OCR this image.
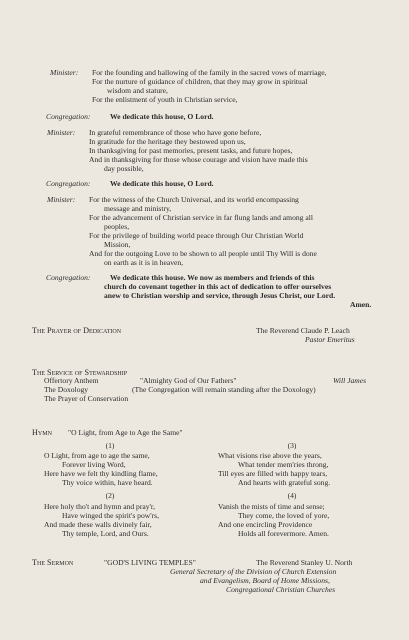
Minister: For the founding and hallowing of the family in the sacred vows of marriage,
For the nurture of guidance of children, that they may grow in spiritual
wisdom and stature,
For the enlistment of youth in Christian service,
Congregation:	We dedicate this house, O Lord.
Minister: In grateful remembrance of those who have gone before,
In gratitude for the heritage they bestowed upon us,
In thanksgiving for past memories, present tasks, and future hopes,
And in thanksgiving for those whose courage and vision have made this
day possible,
Congregation:	We dedicate this house, O Lord.
Minister: For the witness of the Church Universal, and its world encompassing
message and ministry,
For the advancement of Christian service in far flung lands and among all
peoples,
For the privilege of building world peace through Our Christian World
Mission,
And for the outgoing Love to be shown to all people until Thy Will is done
on earth as it is in heaven,
Congregation:	We dedicate this house. We now as members and friends of this
church do covenant together in this act of dedication to offer ourselves
anew to Christian worship and service, through Jesus Christ, our Lord.
Amen.
The Prayer of Dedication	The Reverend Claude P. Leach
Pastor Emeritus
The Service of Stewardship
Offertory Anthem	"Almighty God of Our Fathers"	Will James
The Doxology	(The Congregation will remain standing after the Doxology)
The Prayer of Conservation
Hymn "O Light, from Age to Age the Same"
(1)
O Light, from age to age the same,
Forever living Word,
Here have we felt thy kindling flame,
Thy voice within, have heard.
(2)
Here holy tho't and hymn and pray'r,
Have winged the spirit's pow'rs,
And made these walls divinely fair,
Thy temple, Lord, and Ours.
(3)
What visions rise above the years,
What tender mem'ries throng,
Till eyes are filled with happy tears,
And hearts with grateful song.
(4)
Vanish the mists of time and sense;
They come, the loved of yore,
And one encircling Providence
Holds all forevermore. Amen.
The Sermon	"GOD'S LIVING TEMPLES"	The Reverend Stanley U. North
General Secretary of the Division of Church Extension
and Evangelism, Board of Home Missions,
Congregational Christian Churches
